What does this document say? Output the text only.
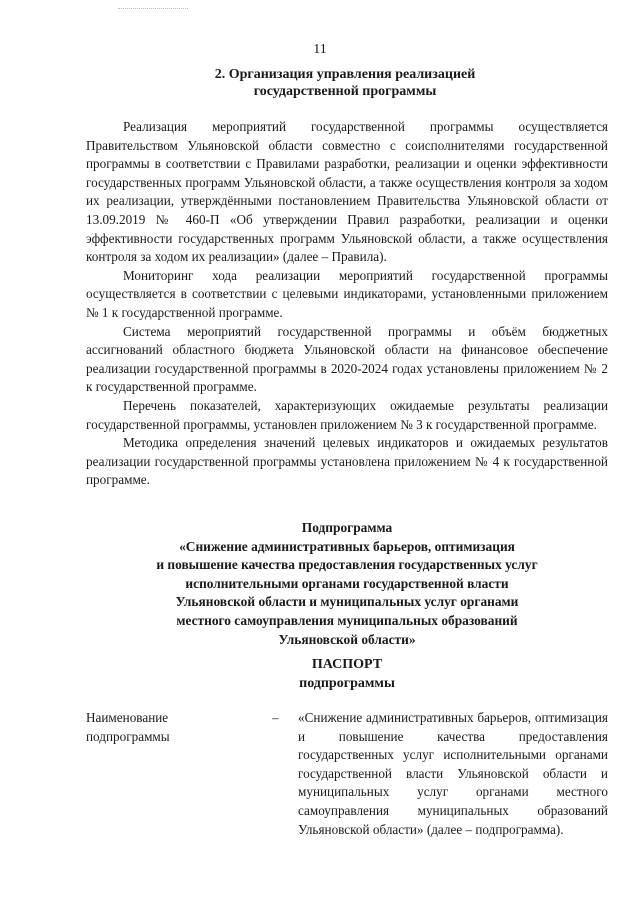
11
2. Организация управления реализацией
государственной программы

Реализация мероприятий государственной программы осуществляется Правительством Ульяновской области совместно с соисполнителями государственной программы в соответствии с Правилами разработки, реализации и оценки эффективности государственных программ Ульяновской области, а также осуществления контроля за ходом их реализации, утверждёнными постановлением Правительства Ульяновской области от 13.09.2019 № 460-П «Об утверждении Правил разработки, реализации и оценки эффективности государственных программ Ульяновской области, а также осуществления контроля за ходом их реализации» (далее – Правила).

Мониторинг хода реализации мероприятий государственной программы осуществляется в соответствии с целевыми индикаторами, установленными приложением № 1 к государственной программе.

Система мероприятий государственной программы и объём бюджетных ассигнований областного бюджета Ульяновской области на финансовое обеспечение реализации государственной программы в 2020-2024 годах установлены приложением № 2 к государственной программе.

Перечень показателей, характеризующих ожидаемые результаты реализации государственной программы, установлен приложением № 3 к государственной программе.

Методика определения значений целевых индикаторов и ожидаемых результатов реализации государственной программы установлена приложением № 4 к государственной программе.

Подпрограмма
«Снижение административных барьеров, оптимизация
и повышение качества предоставления государственных услуг
исполнительными органами государственной власти
Ульяновской области и муниципальных услуг органами
местного самоуправления муниципальных образований
Ульяновской области»
ПАСПОРТ
подпрограммы
Наименование подпрограммы
– «Снижение административных барьеров, оптимизация и повышение качества предоставления государственных услуг исполнительными органами государственной власти Ульяновской области и муниципальных услуг органами местного самоуправления муниципальных образований Ульяновской области» (далее – подпрограмма).
